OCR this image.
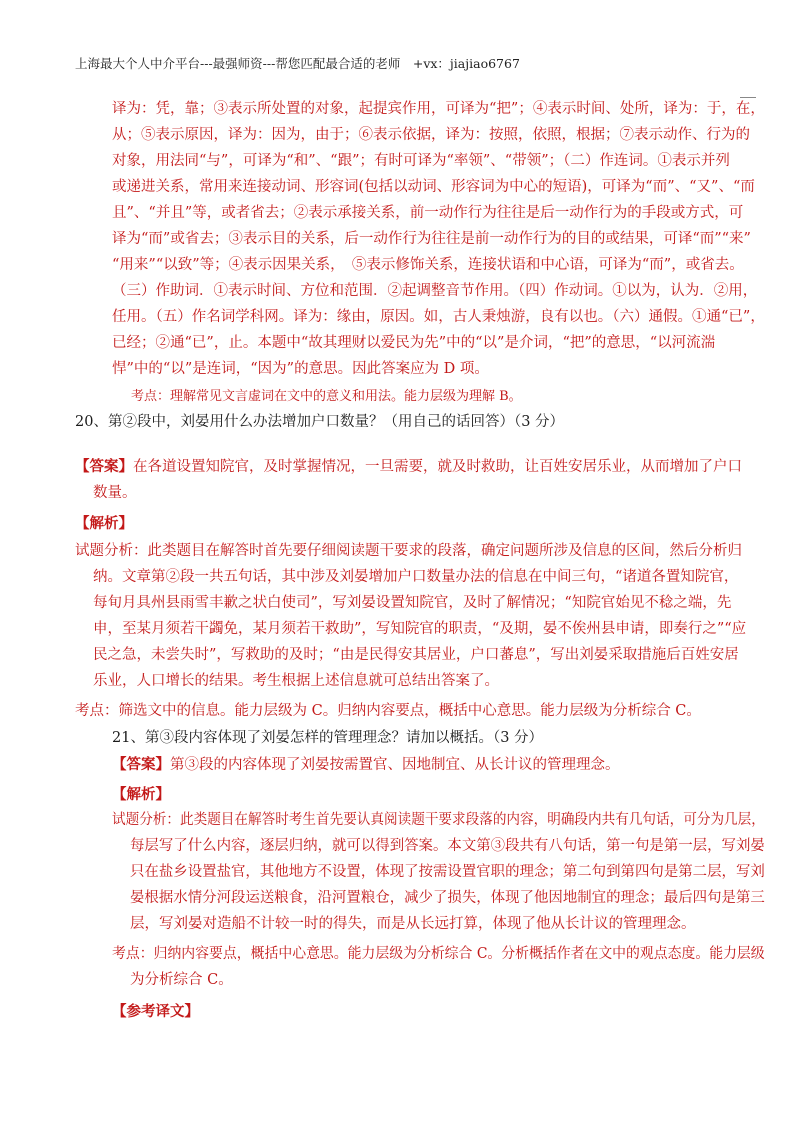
上海最大个人中介平台---最强师资---帮您匹配最合适的老师　+vx：jiajiao6767
译为：凭，靠；③表示所处置的对象，起提宾作用，可译为“把”；④表示时间、处所，译为：于，在，
从；⑤表示原因，译为：因为，由于；⑥表示依据，译为：按照，依照，根据；⑦表示动作、行为的
对象，用法同“与”，可译为“和”、“跟”；有时可译为“率领”、“带领”；（二）作连词。①表示并列
或递进关系，常用来连接动词、形容词(包括以动词、形容词为中心的短语)，可译为“而”、“又”、“而
且”、“并且”等，或者省去；②表示承接关系，前一动作行为往往是后一动作行为的手段或方式，可
译为“而”或省去；③表示目的关系，后一动作行为往往是前一动作行为的目的或结果，可译“而”“来”
“用来”“以致”等；④表示因果关系，　⑤表示修饰关系，连接状语和中心语，可译为“而”，或省去。
（三）作助词．①表示时间、方位和范围．②起调整音节作用。（四）作动词。①以为，认为．②用，
任用。（五）作名词学科网。译为：缘由，原因。如，古人秉烛游，良有以也。（六）通假。①通“已”，
已经；②通“已”，止。本题中“故其理财以爱民为先”中的“以”是介词，“把”的意思，“以河流湍
悍”中的“以”是连词，“因为”的意思。因此答案应为 D 项。
考点：理解常见文言虚词在文中的意义和用法。能力层级为理解 B。
20、第②段中，刘晏用什么办法增加户口数量？（用自己的话回答）（3 分）
【答案】在各道设置知院官，及时掌握情况，一旦需要，就及时救助，让百姓安居乐业，从而增加了户口
数量。
【解析】
试题分析：此类题目在解答时首先要仔细阅读题干要求的段落，确定问题所涉及信息的区间，然后分析归
纳。文章第②段一共五句话，其中涉及刘晏增加户口数量办法的信息在中间三句，“诸道各置知院官，
每旬月具州县雨雪丰歉之状白使司”，写刘晏设置知院官，及时了解情况；“知院官始见不稔之端，先
申，至某月须若干蠲免，某月须若干救助”，写知院官的职责，“及期，晏不俟州县申请，即奏行之”“应
民之急，未尝失时”，写救助的及时；“由是民得安其居业，户口蕃息”，写出刘晏采取措施后百姓安居
乐业，人口增长的结果。考生根据上述信息就可总结出答案了。
考点：筛选文中的信息。能力层级为 C。归纳内容要点，概括中心意思。能力层级为分析综合 C。
21、第③段内容体现了刘晏怎样的管理理念？请加以概括。（3 分）
【答案】第③段的内容体现了刘晏按需置官、因地制宜、从长计议的管理理念。
【解析】
试题分析：此类题目在解答时考生首先要认真阅读题干要求段落的内容，明确段内共有几句话，可分为几层，
每层写了什么内容，逐层归纳，就可以得到答案。本文第③段共有八句话，第一句是第一层，写刘晏
只在盐乡设置盐官，其他地方不设置，体现了按需设置官职的理念；第二句到第四句是第二层，写刘
晏根据水情分河段运送粮食，沿河置粮仓，减少了损失，体现了他因地制宜的理念；最后四句是第三
层，写刘晏对造船不计较一时的得失，而是从长远打算，体现了他从长计议的管理理念。
考点：归纳内容要点，概括中心意思。能力层级为分析综合 C。分析概括作者在文中的观点态度。能力层级
为分析综合 C。
【参考译文】
